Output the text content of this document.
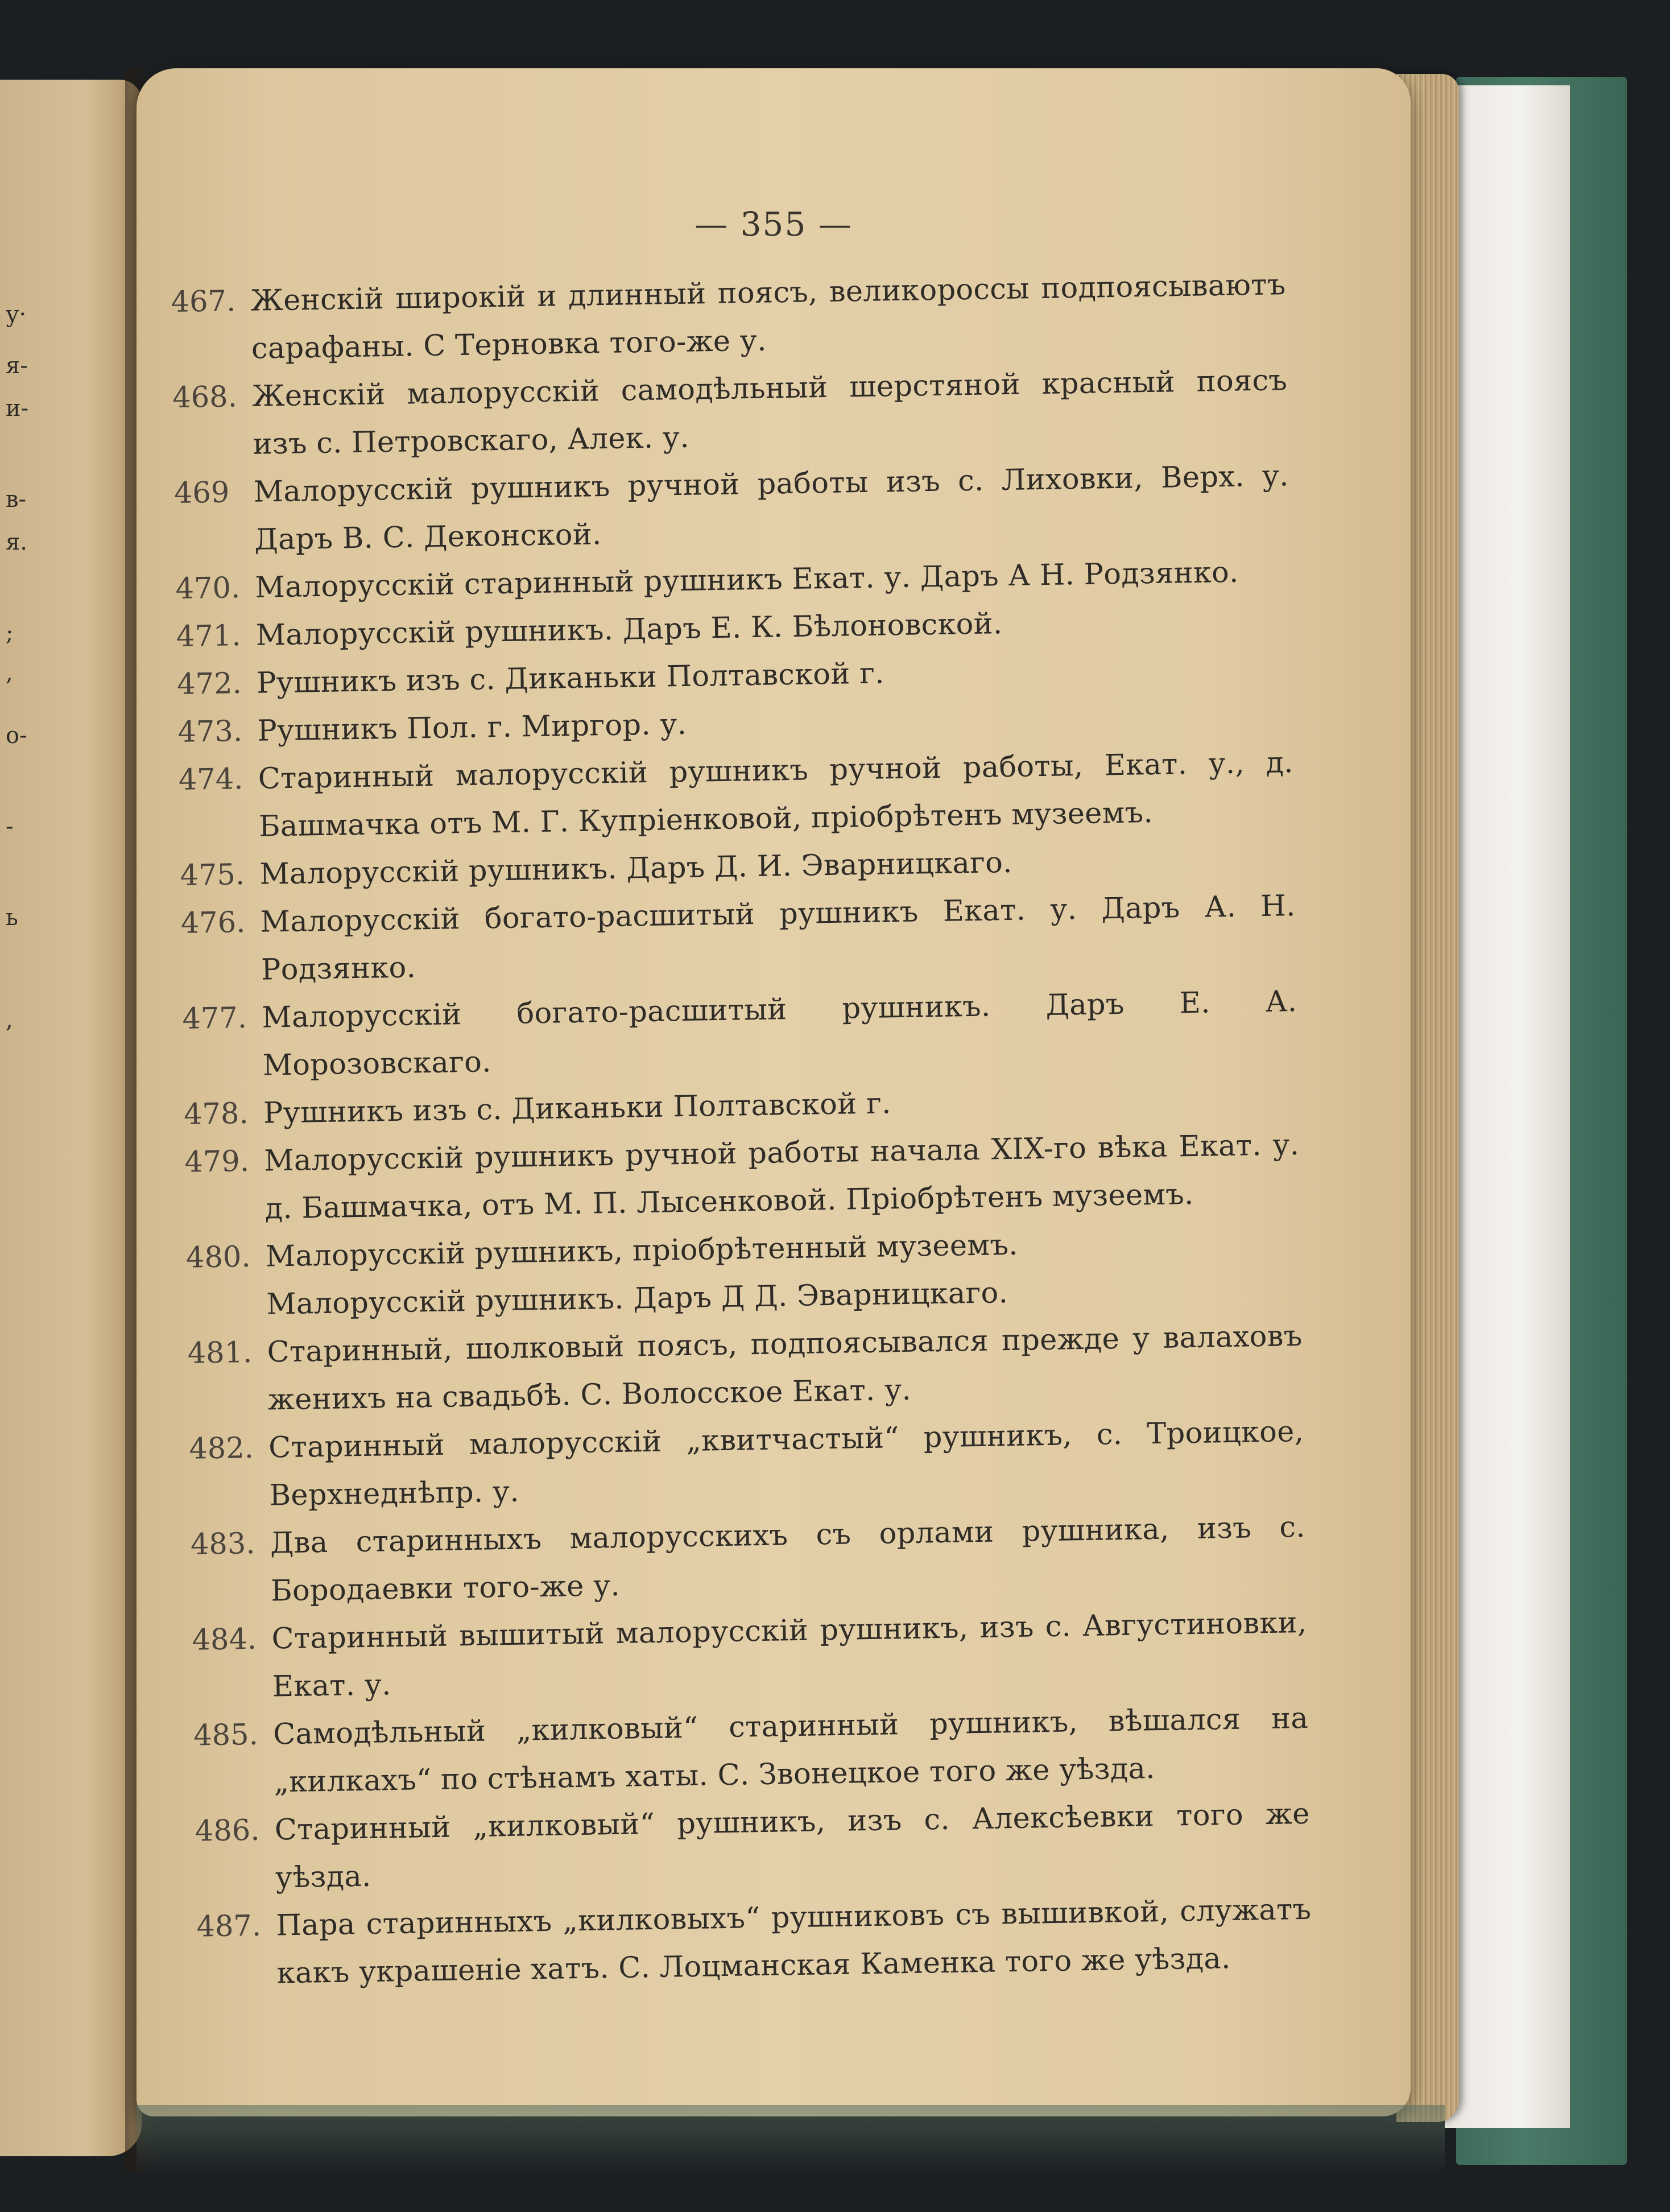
у·
я-
и-
в-
я.
;
,
о-
-
ь
,
— 355 —
467. Женскій широкій и длинный поясъ, великороссы подпоясываютъ сарафаны. С Терновка того-же у.
468. Женскій малорусскій самодѣльный шерстяной красный поясъ изъ с. Петровскаго, Алек. у.
469 Малорусскій рушникъ ручной работы изъ с. Лиховки, Верх. у. Даръ В. С. Деконской.
470. Малорусскій старинный рушникъ Екат. у. Даръ А Н. Родзянко.
471. Малорусскій рушникъ. Даръ Е. К. Бѣлоновской.
472. Рушникъ изъ с. Диканьки Полтавской г.
473. Рушникъ Пол. г. Миргор. у.
474. Старинный малорусскій рушникъ ручной работы, Екат. у., д. Башмачка отъ М. Г. Купріенковой, пріобрѣтенъ музеемъ.
475. Малорусскій рушникъ. Даръ Д. И. Эварницкаго.
476. Малорусскій богато-расшитый рушникъ Екат. у. Даръ А. Н. Родзянко.
477. Малорусскій богато-расшитый рушникъ. Даръ Е. А. Морозовскаго.
478. Рушникъ изъ с. Диканьки Полтавской г.
479. Малорусскій рушникъ ручной работы начала XIX-го вѣка Екат. у. д. Башмачка, отъ М. П. Лысенковой. Пріобрѣтенъ музеемъ.
480. Малорусскій рушникъ, пріобрѣтенный музеемъ.
Малорусскій рушникъ. Даръ Д Д. Эварницкаго.
481. Старинный, шолковый поясъ, подпоясывался прежде у валаховъ женихъ на свадьбѣ. С. Волосское Екат. у.
482. Старинный малорусскій „квитчастый“ рушникъ, с. Троицкое, Верхнеднѣпр. у.
483. Два старинныхъ малорусскихъ съ орлами рушника, изъ с. Бородаевки того-же у.
484. Старинный вышитый малорусскій рушникъ, изъ с. Августиновки, Екат. у.
485. Самодѣльный „килковый“ старинный рушникъ, вѣшался на „килкахъ“ по стѣнамъ хаты. С. Звонецкое того же уѣзда.
486. Старинный „килковый“ рушникъ, изъ с. Алексѣевки того же уѣзда.
487. Пара старинныхъ „килковыхъ“ рушниковъ съ вышивкой, служатъ какъ украшеніе хатъ. С. Лоцманская Каменка того же уѣзда.
